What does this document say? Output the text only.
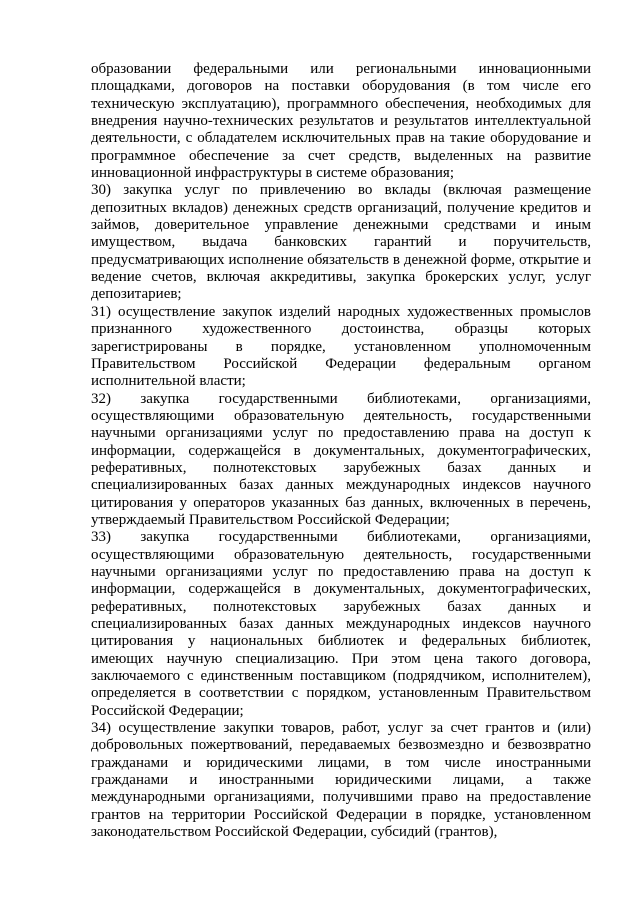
образовании федеральными или региональными инновационными площадками, договоров на поставки оборудования (в том числе его техническую эксплуатацию), программного обеспечения, необходимых для внедрения научно-технических результатов и результатов интеллектуальной деятельности, с обладателем исключительных прав на такие оборудование и программное обеспечение за счет средств, выделенных на развитие инновационной инфраструктуры в системе образования;

30) закупка услуг по привлечению во вклады (включая размещение депозитных вкладов) денежных средств организаций, получение кредитов и займов, доверительное управление денежными средствами и иным имуществом, выдача банковских гарантий и поручительств, предусматривающих исполнение обязательств в денежной форме, открытие и ведение счетов, включая аккредитивы, закупка брокерских услуг, услуг депозитариев;

31) осуществление закупок изделий народных художественных промыслов признанного художественного достоинства, образцы которых зарегистрированы в порядке, установленном уполномоченным Правительством Российской Федерации федеральным органом исполнительной власти;

32) закупка государственными библиотеками, организациями, осуществляющими образовательную деятельность, государственными научными организациями услуг по предоставлению права на доступ к информации, содержащейся в документальных, документографических, реферативных, полнотекстовых зарубежных базах данных и специализированных базах данных международных индексов научного цитирования у операторов указанных баз данных, включенных в перечень, утверждаемый Правительством Российской Федерации;

33) закупка государственными библиотеками, организациями, осуществляющими образовательную деятельность, государственными научными организациями услуг по предоставлению права на доступ к информации, содержащейся в документальных, документографических, реферативных, полнотекстовых зарубежных базах данных и специализированных базах данных международных индексов научного цитирования у национальных библиотек и федеральных библиотек, имеющих научную специализацию. При этом цена такого договора, заключаемого с единственным поставщиком (подрядчиком, исполнителем), определяется в соответствии с порядком, установленным Правительством Российской Федерации;

34) осуществление закупки товаров, работ, услуг за счет грантов и (или) добровольных пожертвований, передаваемых безвозмездно и безвозвратно гражданами и юридическими лицами, в том числе иностранными гражданами и иностранными юридическими лицами, а также международными организациями, получившими право на предоставление грантов на территории Российской Федерации в порядке, установленном законодательством Российской Федерации, субсидий (грантов),
